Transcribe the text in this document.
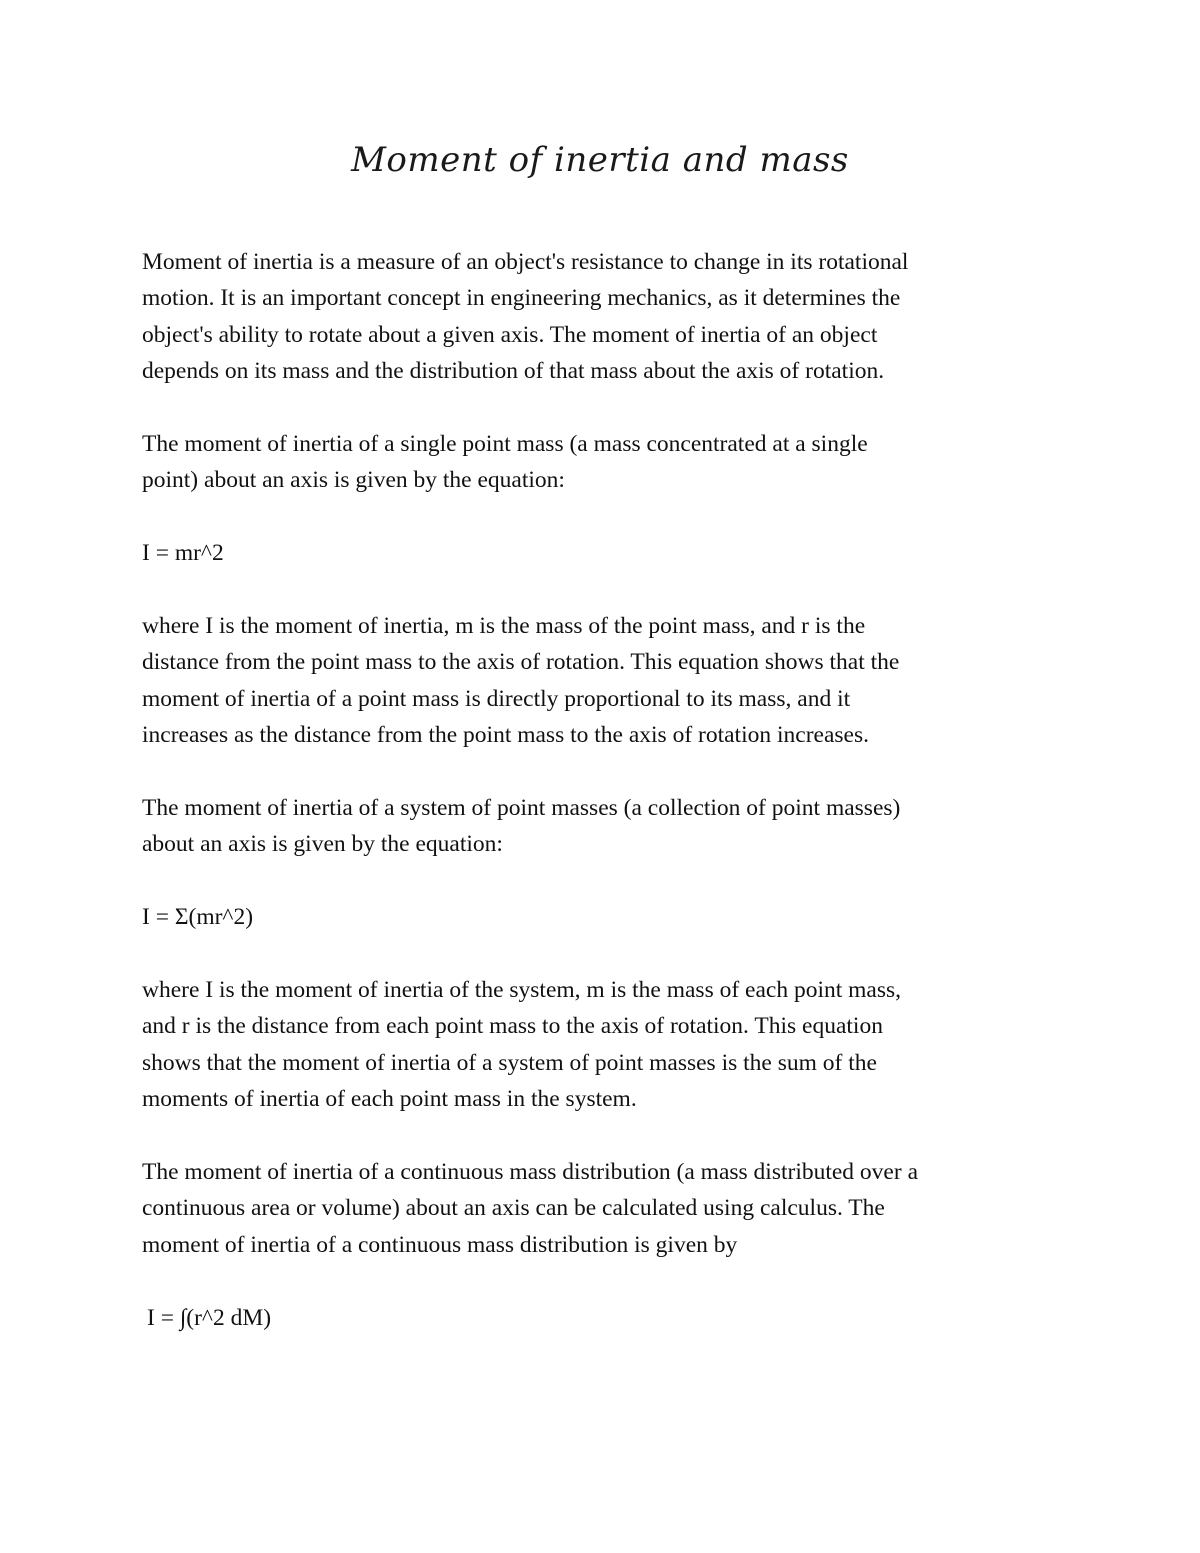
Moment of inertia and mass

Moment of inertia is a measure of an object's resistance to change in its rotational
motion. It is an important concept in engineering mechanics, as it determines the
object's ability to rotate about a given axis. The moment of inertia of an object
depends on its mass and the distribution of that mass about the axis of rotation.

The moment of inertia of a single point mass (a mass concentrated at a single
point) about an axis is given by the equation:

I = mr^2

where I is the moment of inertia, m is the mass of the point mass, and r is the
distance from the point mass to the axis of rotation. This equation shows that the
moment of inertia of a point mass is directly proportional to its mass, and it
increases as the distance from the point mass to the axis of rotation increases.

The moment of inertia of a system of point masses (a collection of point masses)
about an axis is given by the equation:

I = Σ(mr^2)

where I is the moment of inertia of the system, m is the mass of each point mass,
and r is the distance from each point mass to the axis of rotation. This equation
shows that the moment of inertia of a system of point masses is the sum of the
moments of inertia of each point mass in the system.

The moment of inertia of a continuous mass distribution (a mass distributed over a
continuous area or volume) about an axis can be calculated using calculus. The
moment of inertia of a continuous mass distribution is given by

I = ∫(r^2 dM)
